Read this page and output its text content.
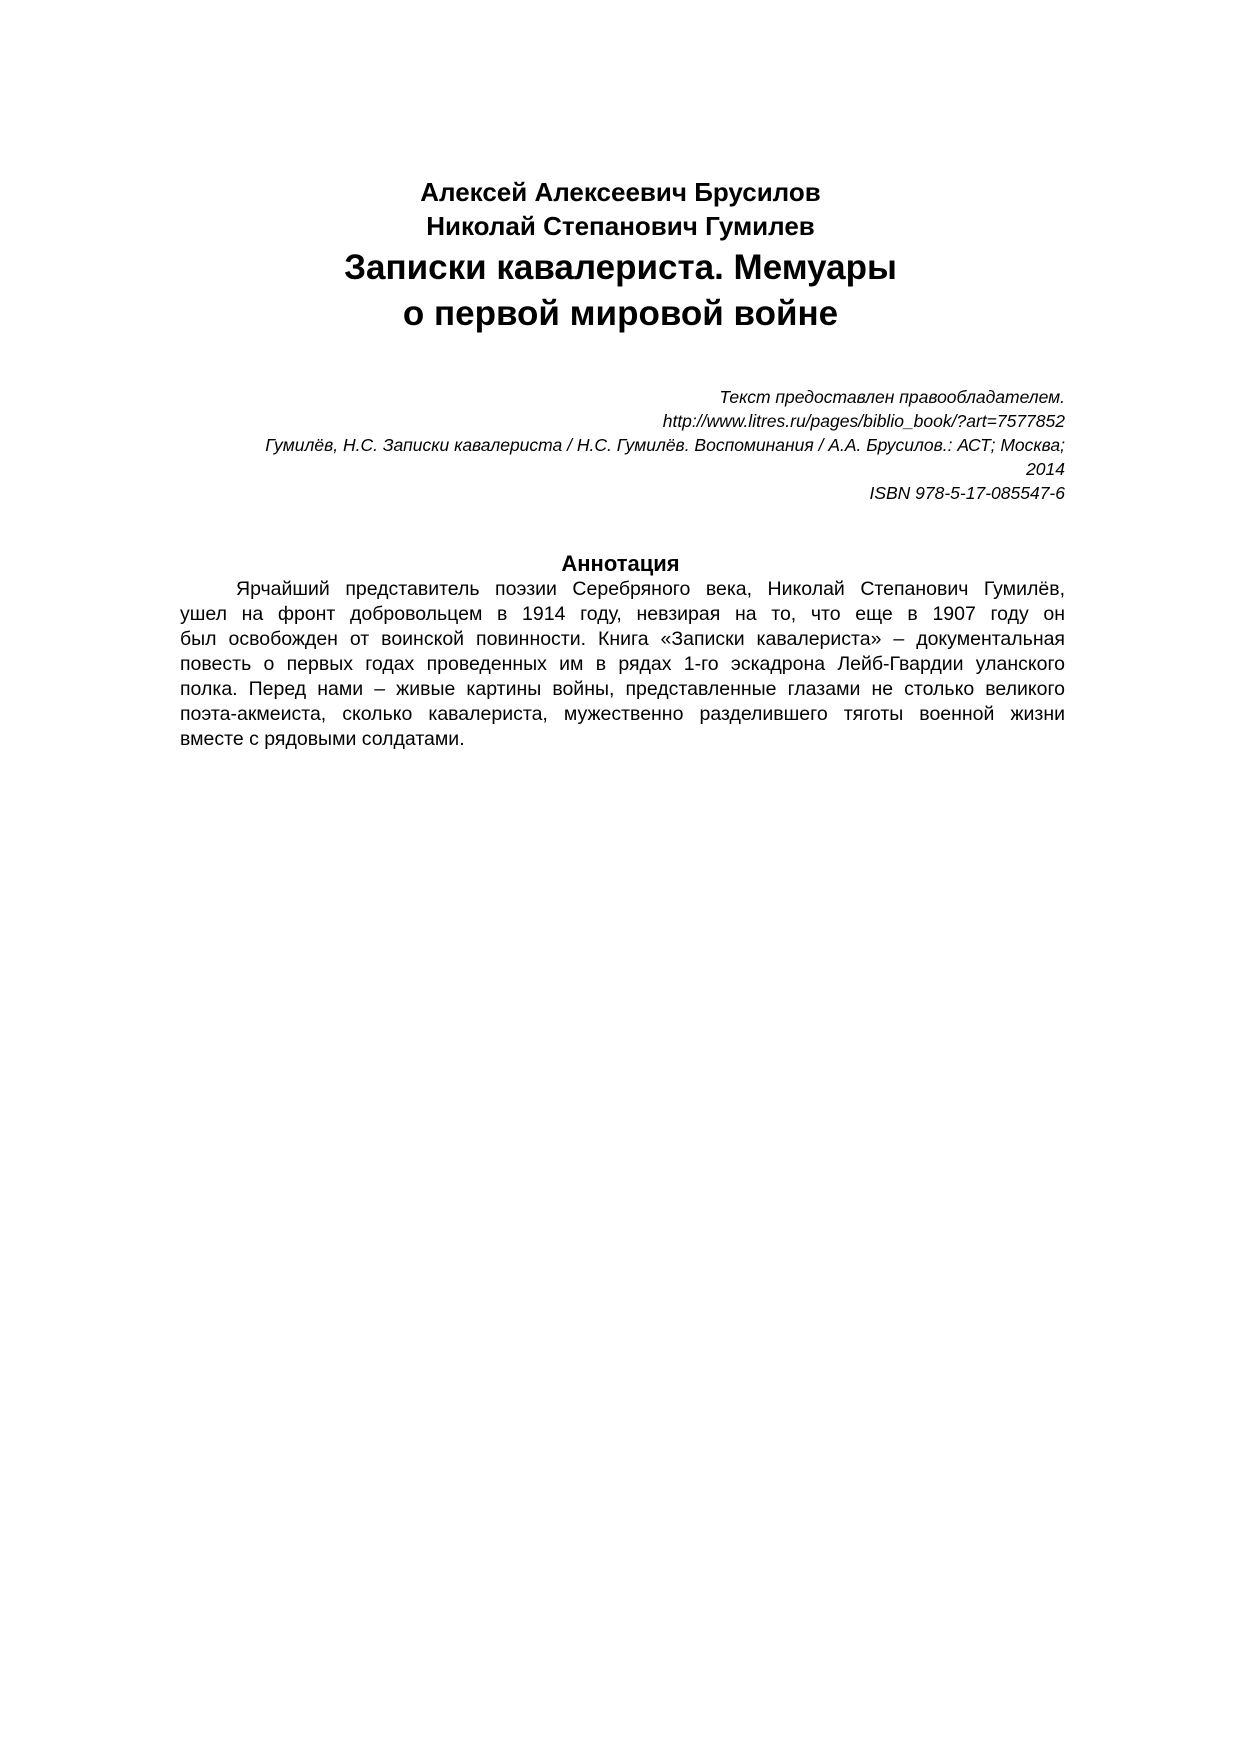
Алексей Алексеевич Брусилов
Николай Степанович Гумилев
Записки кавалериста. Мемуары
о первой мировой войне
Текст предоставлен правообладателем.
http://www.litres.ru/pages/biblio_book/?art=7577852
Гумилёв, Н.С. Записки кавалериста / Н.С. Гумилёв. Воспоминания / А.А. Брусилов.: АСТ; Москва;
2014
ISBN 978-5-17-085547-6
Аннотация
Ярчайший представитель поэзии Серебряного века, Николай Степанович Гумилёв,
ушел на фронт добровольцем в 1914 году, невзирая на то, что еще в 1907 году он
был освобожден от воинской повинности. Книга «Записки кавалериста» – документальная
повесть о первых годах проведенных им в рядах 1-го эскадрона Лейб-Гвардии уланского
полка. Перед нами – живые картины войны, представленные глазами не столько великого
поэта-акмеиста, сколько кавалериста, мужественно разделившего тяготы военной жизни
вместе с рядовыми солдатами.
